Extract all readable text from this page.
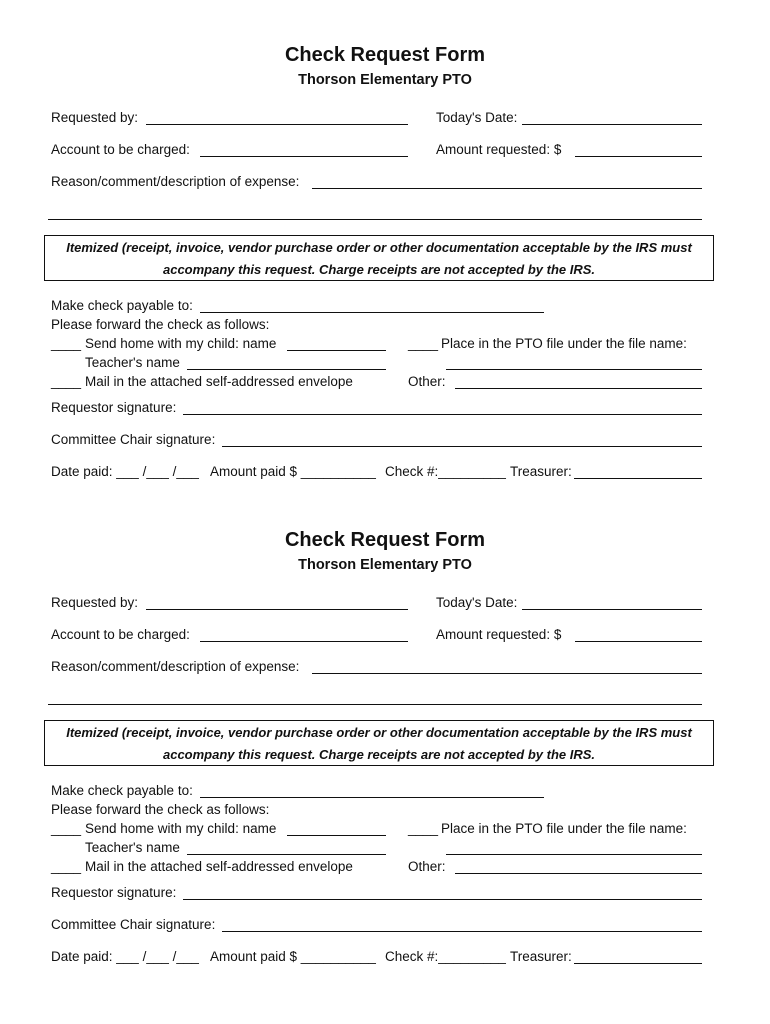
Check Request Form
Thorson Elementary PTO
Requested by:	Today's Date:
Account to be charged:	Amount requested: $
Reason/comment/description of expense:
Itemized (receipt, invoice, vendor purchase order or other documentation acceptable by the IRS must
accompany this request. Charge receipts are not accepted by the IRS.
Make check payable to:
Please forward the check as follows:
____ Send home with my child: name	____ Place in the PTO file under the file name:
Teacher's name
____ Mail in the attached self-addressed envelope	Other:
Requestor signature:
Committee Chair signature:
Date paid: ___ /___ /___ Amount paid $ __________ Check #:_________ Treasurer:
Check Request Form
Thorson Elementary PTO
Requested by:	Today's Date:
Account to be charged:	Amount requested: $
Reason/comment/description of expense:
Itemized (receipt, invoice, vendor purchase order or other documentation acceptable by the IRS must
accompany this request. Charge receipts are not accepted by the IRS.
Make check payable to:
Please forward the check as follows:
____ Send home with my child: name	____ Place in the PTO file under the file name:
Teacher's name
____ Mail in the attached self-addressed envelope	Other:
Requestor signature:
Committee Chair signature:
Date paid: ___ /___ /___ Amount paid $ __________ Check #:_________ Treasurer:
